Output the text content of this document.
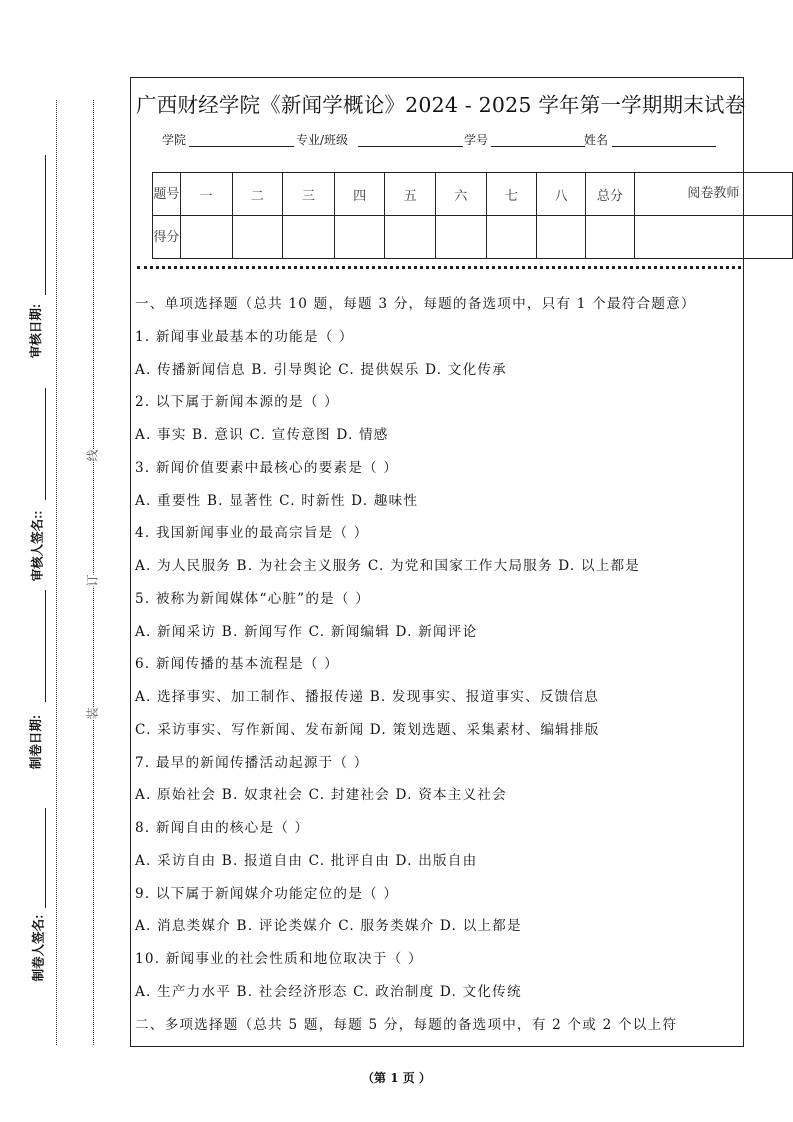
线
订
装
审核日期:
审核人签名::
制卷日期:
制卷人签名:
广西财经学院《新闻学概论》2024 - 2025 学年第一学期期末试卷
学院	专业/班级	学号	姓名
题号	一	二	三	四	五	六	七	八	总分	阅卷教师
得分										
一、单项选择题（总共 10 题，每题 3 分，每题的备选项中，只有 1 个最符合题意）
1. 新闻事业最基本的功能是（ ）
A. 传播新闻信息 B. 引导舆论 C. 提供娱乐 D. 文化传承
2. 以下属于新闻本源的是（ ）
A. 事实 B. 意识 C. 宣传意图 D. 情感
3. 新闻价值要素中最核心的要素是（ ）
A. 重要性 B. 显著性 C. 时新性 D. 趣味性
4. 我国新闻事业的最高宗旨是（ ）
A. 为人民服务 B. 为社会主义服务 C. 为党和国家工作大局服务 D. 以上都是
5. 被称为新闻媒体“心脏”的是（ ）
A. 新闻采访 B. 新闻写作 C. 新闻编辑 D. 新闻评论
6. 新闻传播的基本流程是（ ）
A. 选择事实、加工制作、播报传递 B. 发现事实、报道事实、反馈信息
C. 采访事实、写作新闻、发布新闻 D. 策划选题、采集素材、编辑排版
7. 最早的新闻传播活动起源于（ ）
A. 原始社会 B. 奴隶社会 C. 封建社会 D. 资本主义社会
8. 新闻自由的核心是（ ）
A. 采访自由 B. 报道自由 C. 批评自由 D. 出版自由
9. 以下属于新闻媒介功能定位的是（ ）
A. 消息类媒介 B. 评论类媒介 C. 服务类媒介 D. 以上都是
10. 新闻事业的社会性质和地位取决于（ ）
A. 生产力水平 B. 社会经济形态 C. 政治制度 D. 文化传统
二、多项选择题（总共 5 题，每题 5 分，每题的备选项中，有 2 个或 2 个以上符
（第 1 页 ）
